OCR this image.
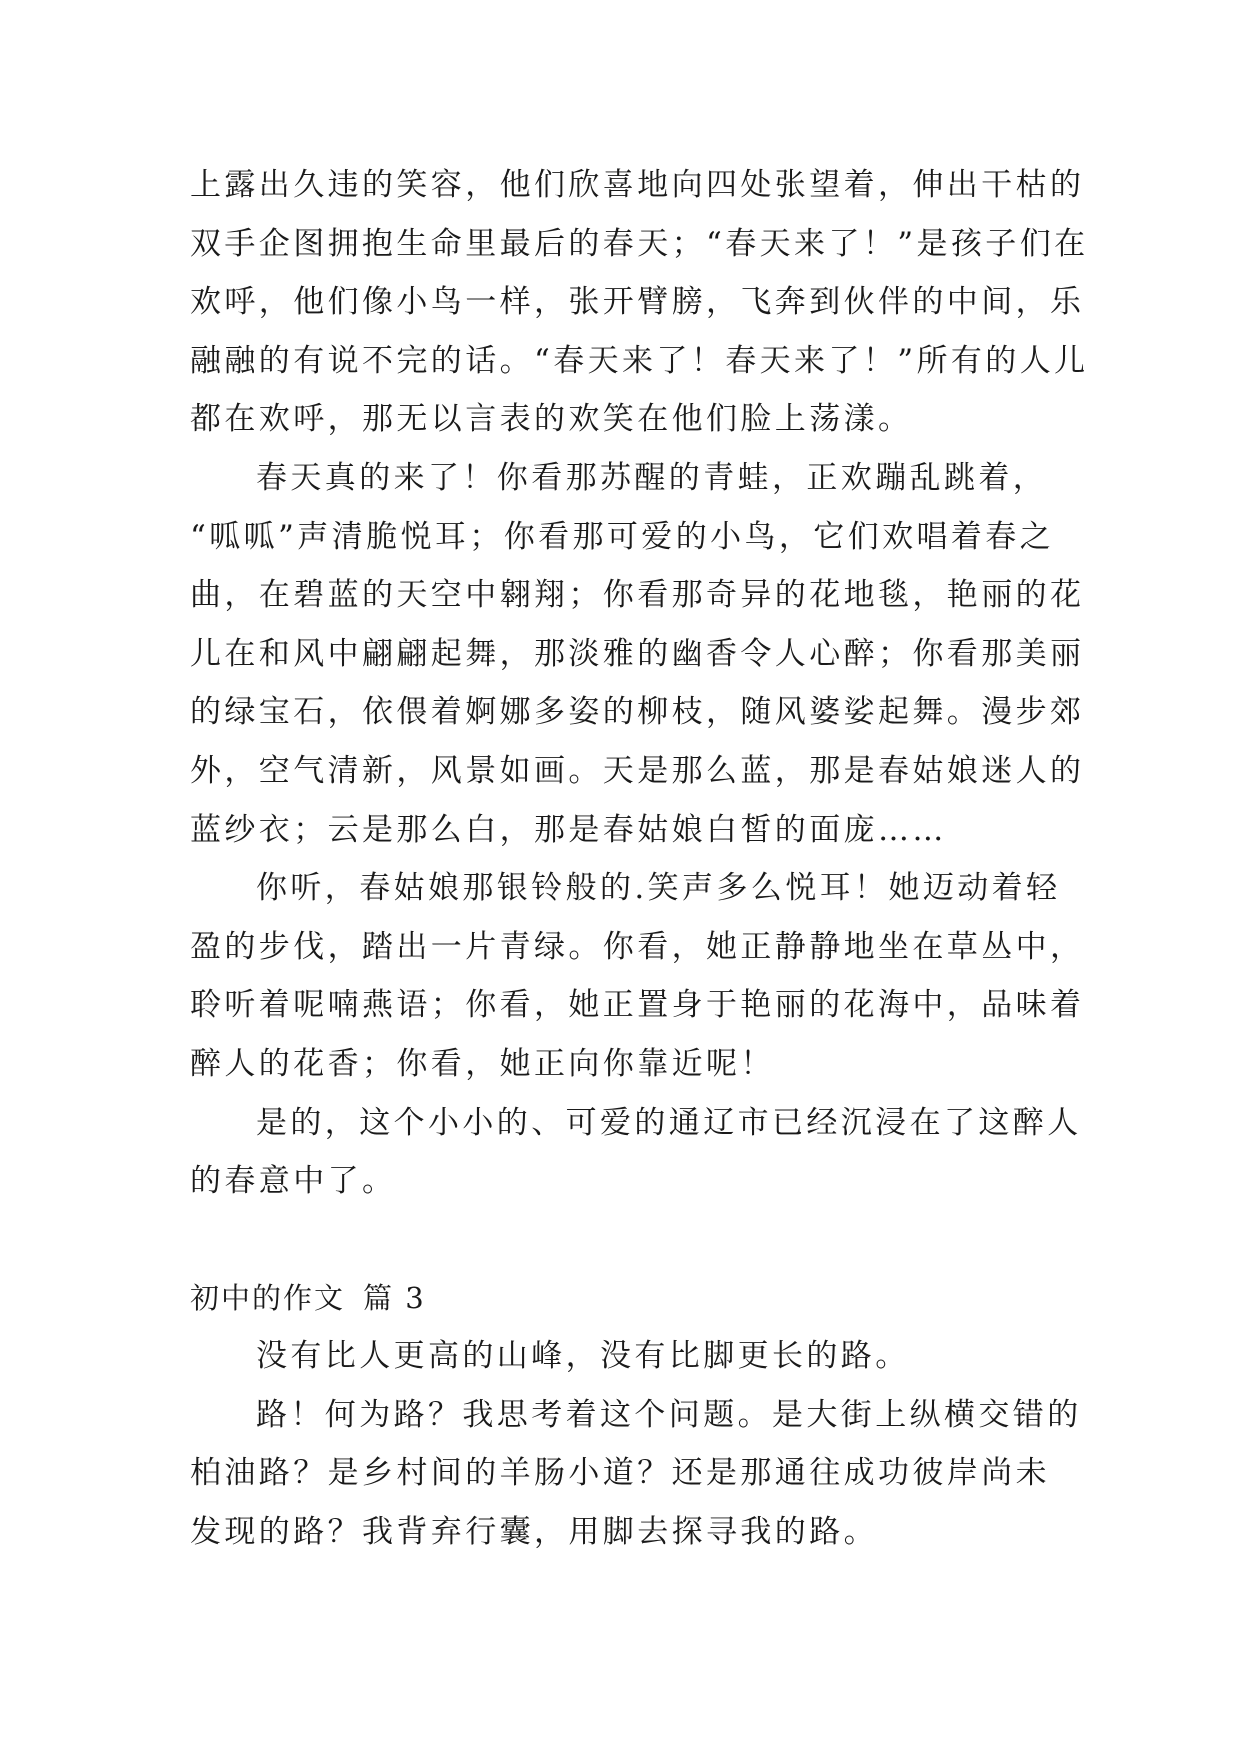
上露出久违的笑容，他们欣喜地向四处张望着，伸出干枯的
双手企图拥抱生命里最后的春天；“春天来了！”是孩子们在
欢呼，他们像小鸟一样，张开臂膀，飞奔到伙伴的中间，乐
融融的有说不完的话。“春天来了！春天来了！”所有的人儿
都在欢呼，那无以言表的欢笑在他们脸上荡漾。
春天真的来了！你看那苏醒的青蛙，正欢蹦乱跳着，
“呱呱”声清脆悦耳；你看那可爱的小鸟，它们欢唱着春之
曲，在碧蓝的天空中翱翔；你看那奇异的花地毯，艳丽的花
儿在和风中翩翩起舞，那淡雅的幽香令人心醉；你看那美丽
的绿宝石，依偎着婀娜多姿的柳枝，随风婆娑起舞。漫步郊
外，空气清新，风景如画。天是那么蓝，那是春姑娘迷人的
蓝纱衣；云是那么白，那是春姑娘白皙的面庞……
你听，春姑娘那银铃般的.笑声多么悦耳！她迈动着轻
盈的步伐，踏出一片青绿。你看，她正静静地坐在草丛中，
聆听着呢喃燕语；你看，她正置身于艳丽的花海中，品味着
醉人的花香；你看，她正向你靠近呢！
是的，这个小小的、可爱的通辽市已经沉浸在了这醉人
的春意中了。
初中的作文 篇 3
没有比人更高的山峰，没有比脚更长的路。
路！何为路？我思考着这个问题。是大街上纵横交错的
柏油路？是乡村间的羊肠小道？还是那通往成功彼岸尚未
发现的路？我背弃行囊，用脚去探寻我的路。
